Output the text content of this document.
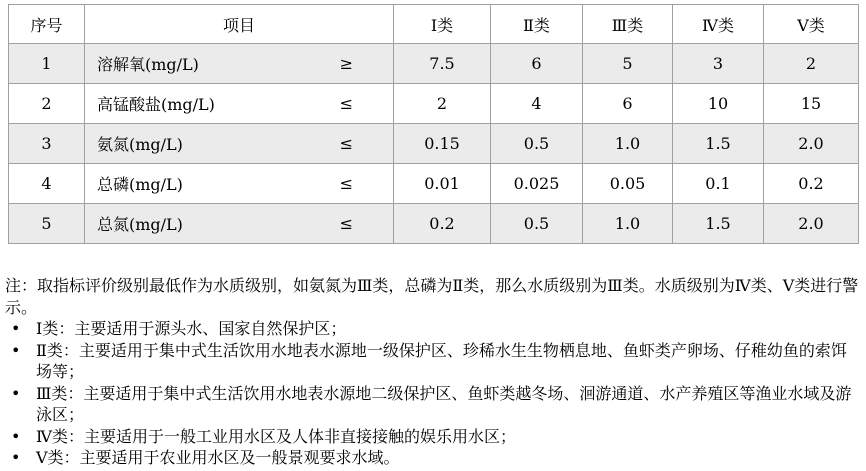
序号	项目	Ⅰ类	Ⅱ类	Ⅲ类	Ⅳ类	Ⅴ类
1	溶解氧(mg/L) ≥	7.5	6	5	3	2
2	高锰酸盐(mg/L) ≤	2	4	6	10	15
3	氨氮(mg/L) ≤	0.15	0.5	1.0	1.5	2.0
4	总磷(mg/L) ≤	0.01	0.025	0.05	0.1	0.2
5	总氮(mg/L) ≤	0.2	0.5	1.0	1.5	2.0

注：取指标评价级别最低作为水质级别，如氨氮为Ⅲ类，总磷为Ⅱ类，那么水质级别为Ⅲ类。水质级别为Ⅳ类、Ⅴ类进行警示。

• Ⅰ类：主要适用于源头水、国家自然保护区；
• Ⅱ类：主要适用于集中式生活饮用水地表水源地一级保护区、珍稀水生生物栖息地、鱼虾类产卵场、仔稚幼鱼的索饵场等；
• Ⅲ类：主要适用于集中式生活饮用水地表水源地二级保护区、鱼虾类越冬场、洄游通道、水产养殖区等渔业水域及游泳区；
• Ⅳ类：主要适用于一般工业用水区及人体非直接接触的娱乐用水区；
• Ⅴ类：主要适用于农业用水区及一般景观要求水域。
